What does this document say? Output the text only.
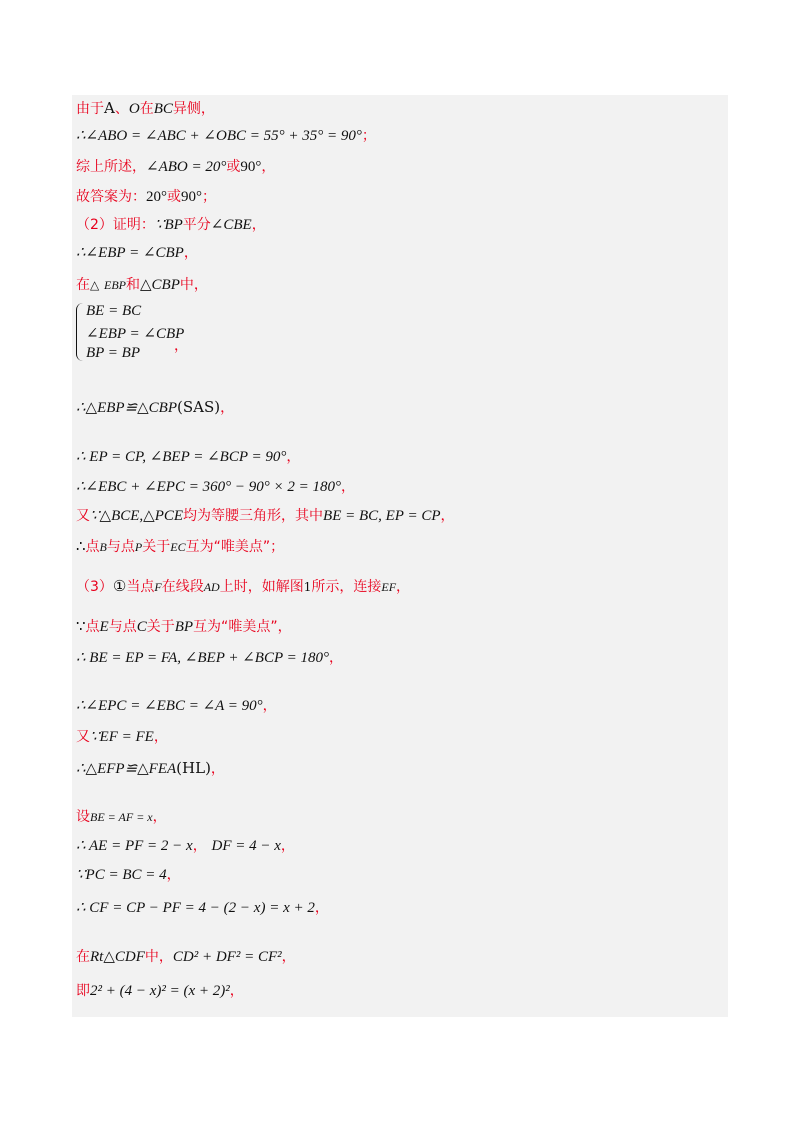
由于A、O在BC异侧，
∴∠ABO = ∠ABC + ∠OBC = 55° + 35° = 90°；
综上所述，∠ABO = 20°或90°，
故答案为：20°或90°；
（2）证明：∵BP平分∠CBE，
∴∠EBP = ∠CBP，
在△ EBP和△CBP中，
BE = BC
∠EBP = ∠CBP
BP = BP ，
∴△EBP≌△CBP(SAS)，
∴ EP = CP, ∠BEP = ∠BCP = 90°，
∴∠EBC + ∠EPC = 360° − 90° × 2 = 180°，
又∵△BCE,△PCE均为等腰三角形，其中BE = BC, EP = CP，
∴点B与点P关于EC互为“唯美点”；
（3）①当点F在线段AD上时，如解图1所示，连接EF，
∵点E与点C关于BP互为“唯美点”，
∴ BE = EP = FA, ∠BEP + ∠BCP = 180°，
∴∠EPC = ∠EBC = ∠A = 90°，
又∵EF = FE，
∴△EFP≌△FEA(HL)，
设BE = AF = x，
∴ AE = PF = 2 − x， DF = 4 − x，
∵PC = BC = 4，
∴ CF = CP − PF = 4 − (2 − x) = x + 2，
在Rt△CDF中，CD² + DF² = CF²，
即2² + (4 − x)² = (x + 2)²，
